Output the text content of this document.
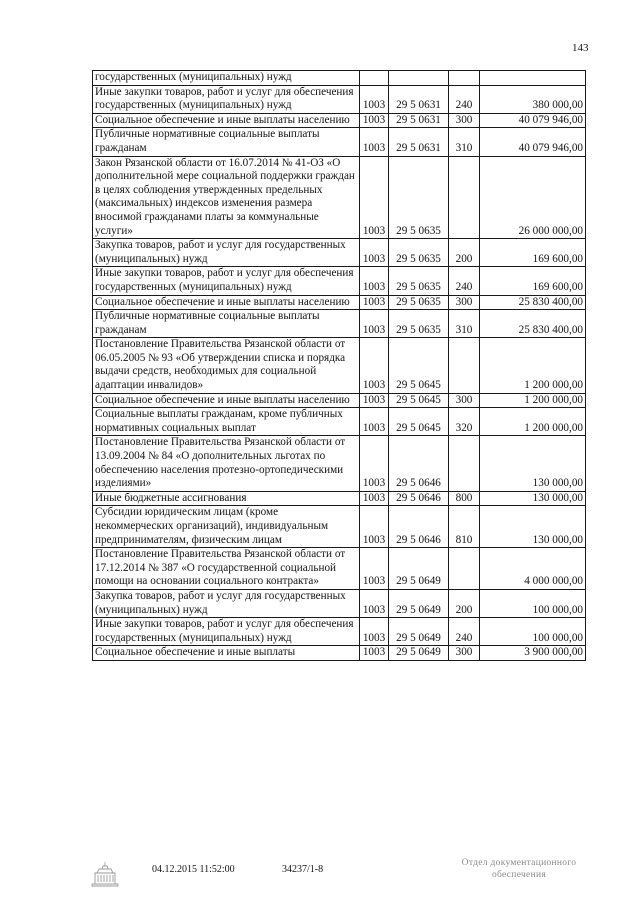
143
государственных (муниципальных) нужд				
Иные закупки товаров, работ и услуг для обеспечения государственных (муниципальных) нужд	1003	29 5 0631	240	380 000,00
Социальное обеспечение и иные выплаты населению	1003	29 5 0631	300	40 079 946,00
Публичные нормативные социальные выплаты гражданам	1003	29 5 0631	310	40 079 946,00
Закон Рязанской области от 16.07.2014 № 41-ОЗ «О дополнительной мере социальной поддержки граждан в целях соблюдения утвержденных предельных (максимальных) индексов изменения размера вносимой гражданами платы за коммунальные услуги»	1003	29 5 0635		26 000 000,00
Закупка товаров, работ и услуг для государственных (муниципальных) нужд	1003	29 5 0635	200	169 600,00
Иные закупки товаров, работ и услуг для обеспечения государственных (муниципальных) нужд	1003	29 5 0635	240	169 600,00
Социальное обеспечение и иные выплаты населению	1003	29 5 0635	300	25 830 400,00
Публичные нормативные социальные выплаты гражданам	1003	29 5 0635	310	25 830 400,00
Постановление Правительства Рязанской области от 06.05.2005 № 93 «Об утверждении списка и порядка выдачи средств, необходимых для социальной адаптации инвалидов»	1003	29 5 0645		1 200 000,00
Социальное обеспечение и иные выплаты населению	1003	29 5 0645	300	1 200 000,00
Социальные выплаты гражданам, кроме публичных нормативных социальных выплат	1003	29 5 0645	320	1 200 000,00
Постановление Правительства Рязанской области от 13.09.2004 № 84 «О дополнительных льготах по обеспечению населения протезно-ортопедическими изделиями»	1003	29 5 0646		130 000,00
Иные бюджетные ассигнования	1003	29 5 0646	800	130 000,00
Субсидии юридическим лицам (кроме некоммерческих организаций), индивидуальным предпринимателям, физическим лицам	1003	29 5 0646	810	130 000,00
Постановление Правительства Рязанской области от 17.12.2014 № 387 «О государственной социальной помощи на основании социального контракта»	1003	29 5 0649		4 000 000,00
Закупка товаров, работ и услуг для государственных (муниципальных) нужд	1003	29 5 0649	200	100 000,00
Иные закупки товаров, работ и услуг для обеспечения государственных (муниципальных) нужд	1003	29 5 0649	240	100 000,00
Социальное обеспечение и иные выплаты	1003	29 5 0649	300	3 900 000,00
04.12.2015 11:52:00	34237/1-8
Отдел документационного
обеспечения
